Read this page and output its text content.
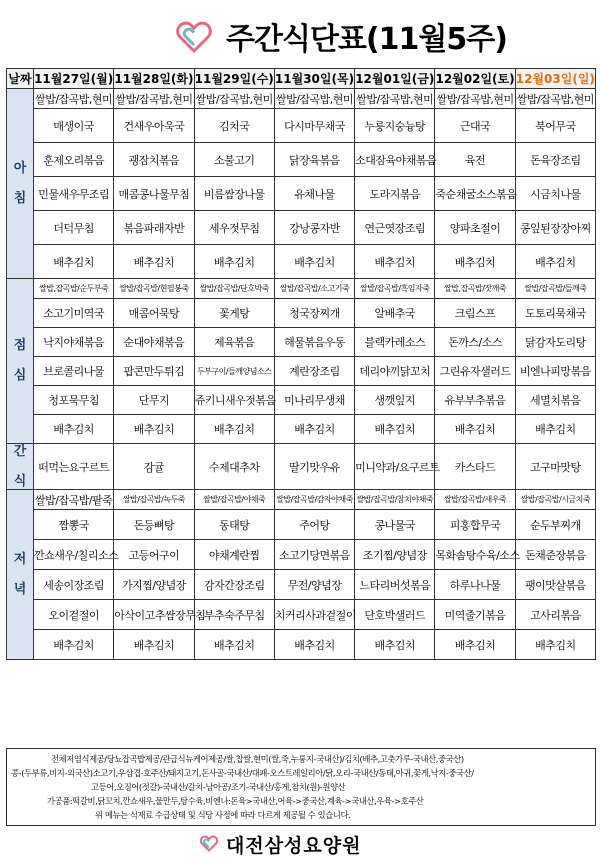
주간식단표(11월5주)
날짜	11월27일(월)	11월28일(화)	11월29일(수)	11월30일(목)	12월01일(금)	12월02일(토)	12월03일(일)

아
침	쌀밥/잡곡밥,현미	쌀밥/잡곡밥,현미	쌀밥/잡곡밥,현미	쌀밥/잡곡밥,현미	쌀밥/잡곡밥,현미	쌀밥/잡곡밥,현미	쌀밥/잡곡밥,현미
	매생이국	건새우아욱국	김치국	다시마무채국	누룽지숭늉탕	근대국	북어무국
	훈제오리볶음	괭잠치볶음	소불고기	닭장육볶음	소대잠육야채볶음	육전	돈육장조림
	민물새우무조림	매콤콩나물무침	비름쌈장나물	유채나물	도라지볶음	죽순채굴소스볶음	시금치나물
	더덕무침	볶음파래자반	세우젓무침	강낭콩자반	연근엿장조림	양파초절이	콩잎된장장아찌
	배추김치	배추김치	배추김치	배추김치	배추김치	배추김치	배추김치

점
심	쌀밥,잡곡밥/순두부죽	쌀밥/잡곡밥/현필봉죽	쌀밥/잡곡밥/단호박죽	쌀밥/잡곡밥/소고기죽	쌀밥/잡곡밥/흑임자죽	쌀밥,잡곡밥/잣깨죽	쌀밥/잡곡밥/들깨죽
	소고기미역국	매콤어묵탕	꽃게탕	청국장찌개	알배추국	크림스프	도토리묵채국
	낙지야채볶음	순대야채볶음	제육볶음	해물볶음우동	블랙카레소스	돈까스/소스	닭감자도리탕
	브로콜리나물	팝콘만두튀김	두부구이/들깨양념소스	계란장조림	데리야끼닭꼬치	그린유자샐러드	비엔나피망볶음
	청포묵무침	단무지	쥬키니새우젓볶음	미나리무생채	생깻잎지	유부부추볶음	세멸치볶음
	배추김치	배추김치	배추김치	배추김치	배추김치	배추김치	배추김치

간
식	떠먹는요구르트	감귤	수제대추차	딸기맛우유	미니약과/요구르트	카스타드	고구마맛탕

저
녁	쌀밥/잡곡밥/팥죽	쌀밥/잡곡밥/녹두죽	쌀밥/잡곡밥/야채죽	쌀밥/잡곡밥/감자야채죽	쌀밥/잡곡밥/참치야채죽	쌀밥/잡곡밥/새우죽	쌀밥/잡곡밥/시금치죽
	짬뽕국	돈등뼈탕	동태탕	주어탕	콩나물국	피홍합무국	순두부찌개
	깐쇼새우/칠리소스	고등어구이	야채계란찜	소고기당면볶음	조기찜/양념장	목화솜탕수육/소스	돈채준장볶음
	세송이장조림	가지찜/양념장	감자간장조림	무전/양념장	느타리버섯볶음	하루나나물	팽이맛살볶음
	오이겉절이	아삭이고추쌈장무침	부추숙주무침	치커리사과겉절이	단호박샐러드	미역줄기볶음	고사리볶음
	배추김치	배추김치	배추김치	배추김치	배추김치	배추김치	배추김치
전체저염식제공/당뇨잡곡밥제공/관급식뉴케어제공/쌀,찹쌀,현미(쌀,죽,누룽지-국내산)/김치(배추,고춧가루-국내산,중국산)
콩-(두부류,비지-외국산)소고기,우삼겹-호주산/돼지고기,돈사골-국내산/대패-오스트레일리아/닭,오리-국내산/동태,아귀,꽃게,낙지-중국산/
고등어,오징어(젓갈)-국내산/갈치-남아공/조기-국내산/홍게,참치(원)-원양산
가공품:떡갈비,닭꼬치,깐쇼새우,물만두,탕수육,비엔나:돈육>국내산,어육->중국산,계육->국내산,우육->호주산
위 메뉴는 식재료 수급상태 및 식당 사정에 따라 다르게 제공될 수 있습니다.
대전삼성요양원
